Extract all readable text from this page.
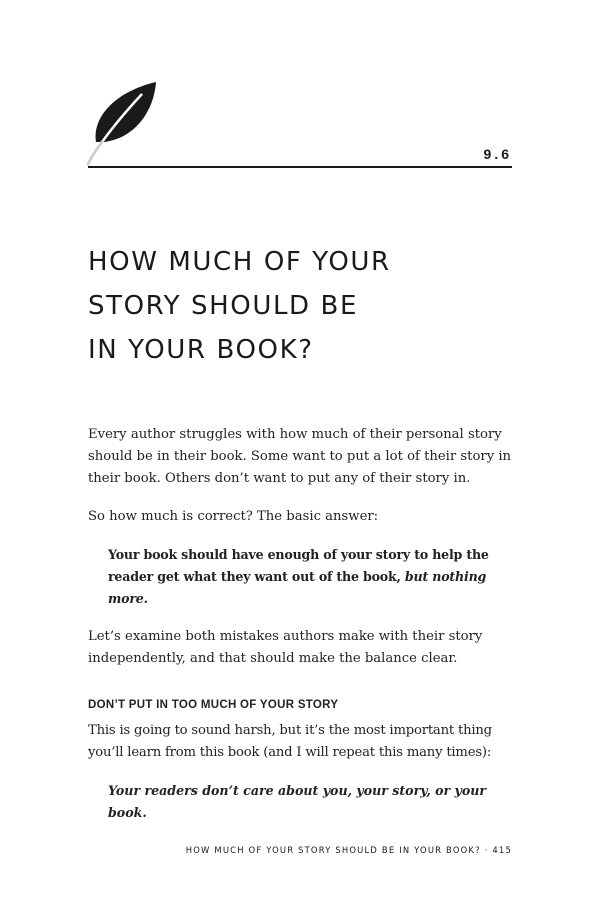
9.6
HOW MUCH OF YOUR
STORY SHOULD BE
IN YOUR BOOK?

Every author struggles with how much of their personal story should be in their book. Some want to put a lot of their story in their book. Others don’t want to put any of their story in.

So how much is correct? The basic answer:

Your book should have enough of your story to help the reader get what they want out of the book, but nothing more.

Let’s examine both mistakes authors make with their story independently, and that should make the balance clear.

DON’T PUT IN TOO MUCH OF YOUR STORY

This is going to sound harsh, but it’s the most important thing you’ll learn from this book (and I will repeat this many times):

Your readers don’t care about you, your story, or your book.

HOW MUCH OF YOUR STORY SHOULD BE IN YOUR BOOK? · 415
